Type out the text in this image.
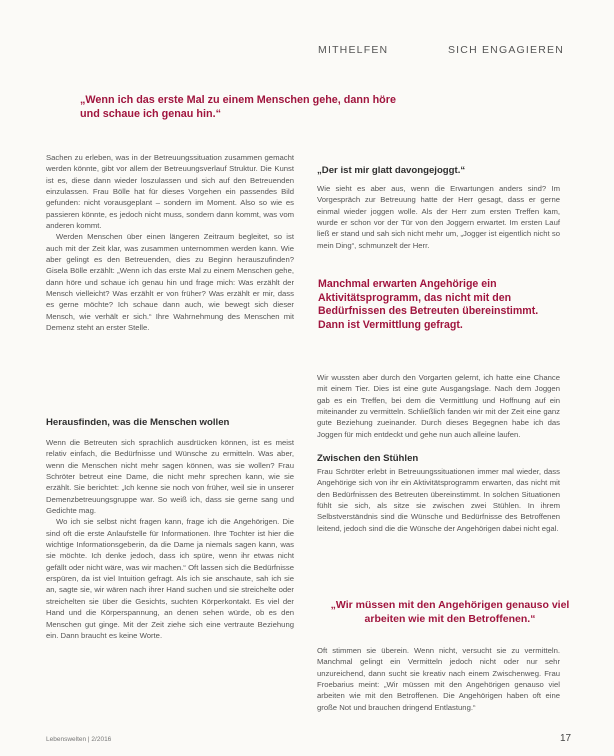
MITHELFEN	SICH ENGAGIEREN
„Wenn ich das erste Mal zu einem Menschen gehe, dann höre und schaue ich genau hin.“

Sachen zu erleben, was in der Betreuungssituation zusammen gemacht werden könnte, gibt vor allem der Betreuungsverlauf Struktur. Die Kunst ist es, diese dann wieder loszulassen und sich auf den Betreuenden einzulassen. Frau Bölle hat für dieses Vorgehen ein passendes Bild gefunden: nicht vorausgeplant ‒ sondern im Moment. Also so wie es passieren könnte, es jedoch nicht muss, sondern dann kommt, was vom anderen kommt.

Werden Menschen über einen längeren Zeitraum begleitet, so ist auch mit der Zeit klar, was zusammen unternommen werden kann. Wie aber gelingt es den Betreuenden, dies zu Beginn herauszufinden? Gisela Bölle erzählt: „Wenn ich das erste Mal zu einem Menschen gehe, dann höre und schaue ich genau hin und frage mich: Was erzählt der Mensch vielleicht? Was erzählt er von früher? Was erzählt er mir, dass es gerne möchte? Ich schaue dann auch, wie bewegt sich dieser Mensch, wie verhält er sich.“ Ihre Wahrnehmung des Menschen mit Demenz steht an erster Stelle.

Herausfinden, was die Menschen wollen

Wenn die Betreuten sich sprachlich ausdrücken können, ist es meist relativ einfach, die Bedürfnisse und Wünsche zu ermitteln. Was aber, wenn die Menschen nicht mehr sagen können, was sie wollen? Frau Schröter betreut eine Dame, die nicht mehr sprechen kann, wie sie erzählt. Sie berichtet: „Ich kenne sie noch von früher, weil sie in unserer Demenzbetreuungsgruppe war. So weiß ich, dass sie gerne sang und Gedichte mag.

Wo ich sie selbst nicht fragen kann, frage ich die Angehörigen. Die sind oft die erste Anlaufstelle für Informationen. Ihre Tochter ist hier die wichtige Informationsgeberin, da die Dame ja niemals sagen kann, was sie möchte. Ich denke jedoch, dass ich spüre, wenn ihr etwas nicht gefällt oder nicht wäre, was wir machen.“ Oft lassen sich die Bedürfnisse erspüren, da ist viel Intuition gefragt. Als ich sie anschaute, sah ich sie an, sagte sie, wir wären nach ihrer Hand suchen und sie streichelte oder streichelten sie über die Gesichts, suchten Körperkontakt. Es viel der Hand und die Körperspannung, an denen sehen würde, ob es den Menschen gut ginge. Mit der Zeit ziehe sich eine vertraute Beziehung ein. Dann braucht es keine Worte.

„Der ist mir glatt davongejoggt.“

Wie sieht es aber aus, wenn die Erwartungen anders sind? Im Vorgespräch zur Betreuung hatte der Herr gesagt, dass er gerne einmal wieder joggen wolle. Als der Herr zum ersten Treffen kam, wurde er schon vor der Tür von den Joggern erwartet. Im ersten Lauf ließ er stand und sah sich nicht mehr um, „Jogger ist eigentlich nicht so mein Ding“, schmunzelt der Herr.

Manchmal erwarten Angehörige ein Aktivitätsprogramm, das nicht mit den Bedürfnissen des Betreuten übereinstimmt. Dann ist Vermittlung gefragt.

Wir wussten aber durch den Vorgarten gelernt, ich hatte eine Chance mit einem Tier. Dies ist eine gute Ausgangslage. Nach dem Joggen gab es ein Treffen, bei dem die Vermittlung und Hoffnung auf ein miteinander zu vermitteln. Schließlich fanden wir mit der Zeit eine ganz gute Beziehung zueinander. Durch dieses Begegnen habe ich das Joggen für mich entdeckt und gehe nun auch alleine laufen.

Zwischen den Stühlen

Frau Schröter erlebt in Betreuungssituationen immer mal wieder, dass Angehörige sich von ihr ein Aktivitätsprogramm erwarten, das nicht mit den Bedürfnissen des Betreuten übereinstimmt. In solchen Situationen fühlt sie sich, als sitze sie zwischen zwei Stühlen. In ihrem Selbstverständnis sind die Wünsche und Bedürfnisse des Betroffenen leitend, jedoch sind die die Wünsche der Angehörigen dabei nicht egal.

„Wir müssen mit den Angehörigen genauso viel arbeiten wie mit den Betroffenen.“

Oft stimmen sie überein. Wenn nicht, versucht sie zu vermitteln. Manchmal gelingt ein Vermitteln jedoch nicht oder nur sehr unzureichend, dann sucht sie kreativ nach einem Zwischenweg. Frau Froebarius meint: „Wir müssen mit den Angehörigen genauso viel arbeiten wie mit den Betroffenen. Die Angehörigen haben oft eine große Not und brauchen dringend Entlastung.“

Lebenswelten | 2/2016	17
